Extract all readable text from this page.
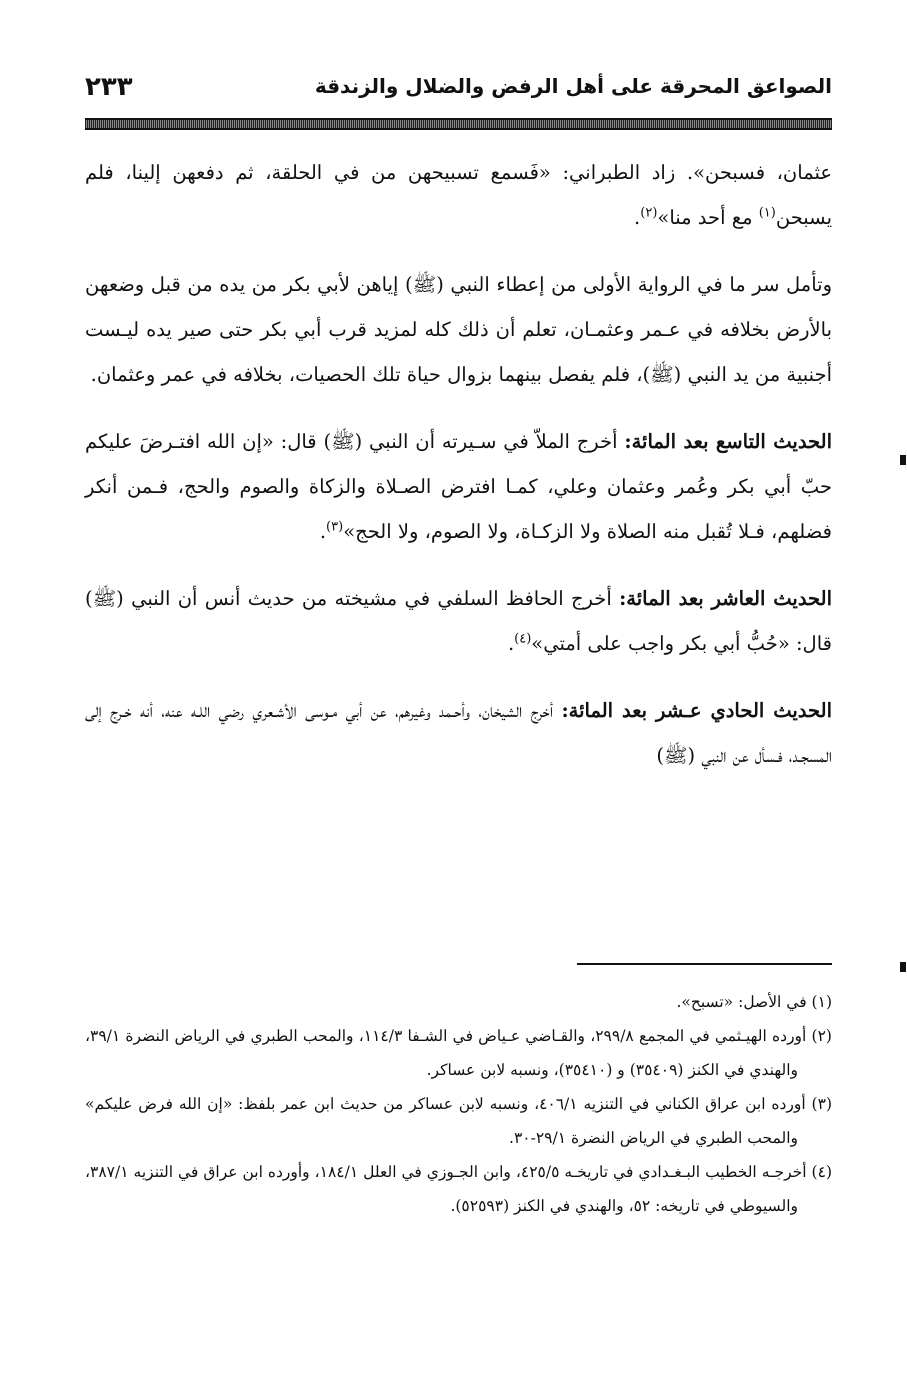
الصواعق المحرقة على أهل الرفض والضلال والزندقة
٢٣٣

عثمان، فسبحن». زاد الطبراني: «فَسمع تسبيحهن من في الحلقة، ثم دفعهن إلينا، فلم يسبحن$^{(١)}$ مع أحد منا»$^{(٢)}$.

وتأمل سر ما في الرواية الأولى من إعطاء النبي (ﷺ) إياهن لأبي بكر من يده من قبل وضعهن بالأرض بخلافه في عـمر وعثمـان، تعلم أن ذلك كله لمزيد قرب أبي بكر حتى صير يده ليـست أجنبية من يد النبي (ﷺ)، فلم يفصل بينهما بزوال حياة تلك الحصيات، بخلافه في عمر وعثمان.

الحديث التاسع بعد المائة: أخرج الملاّ في سـيرته أن النبي (ﷺ) قال: «إن الله افتـرضَ عليكم حبّ أبي بكر وعُمر وعثمان وعلي، كمـا افترض الصـلاة والزكاة والصوم والحج، فـمن أنكر فضلهم، فـلا تُقبل منه الصلاة ولا الزكـاة، ولا الصوم، ولا الحج»$^{(٣)}$.

الحديث العاشر بعد المائة: أخرج الحافظ السلفي في مشيخته من حديث أنس أن النبي (ﷺ) قال: «حُبُّ أبي بكر واجب على أمتي»$^{(٤)}$.

الحديث الحادي عـشر بعد المائة: أخرج الشيخان، وأحـمد وغيرهم، عن أبي مـوسى الأشـعري رضي اللـه عنه، أنه خـرج إلى المسجـد، فـسأل عن النبي (ﷺ)

(١) في الأصل: «تسبح».

(٢) أورده الهيـثمي في المجمع ٢٩٩/٨، والقـاضي عـياض في الشـفا ١١٤/٣، والمحب الطبري في الرياض النضرة ٣٩/١، والهندي في الكنز (٣٥٤٠٩) و (٣٥٤١٠)، ونسبه لابن عساكر.

(٣) أورده ابن عراق الكناني في التنزيه ٤٠٦/١، ونسبه لابن عساكر من حديث ابن عمر بلفظ: «إن الله فرض عليكم» والمحب الطبري في الرياض النضرة ٢٩/١-٣٠.

(٤) أخرجـه الخطيب البـغـدادي في تاريخـه ٤٢٥/٥، وابن الجـوزي في العلل ١٨٤/١، وأورده ابن عراق في التنزيه ٣٨٧/١، والسيوطي في تاريخه: ٥٢، والهندي في الكنز (٥٢٥٩٣).
